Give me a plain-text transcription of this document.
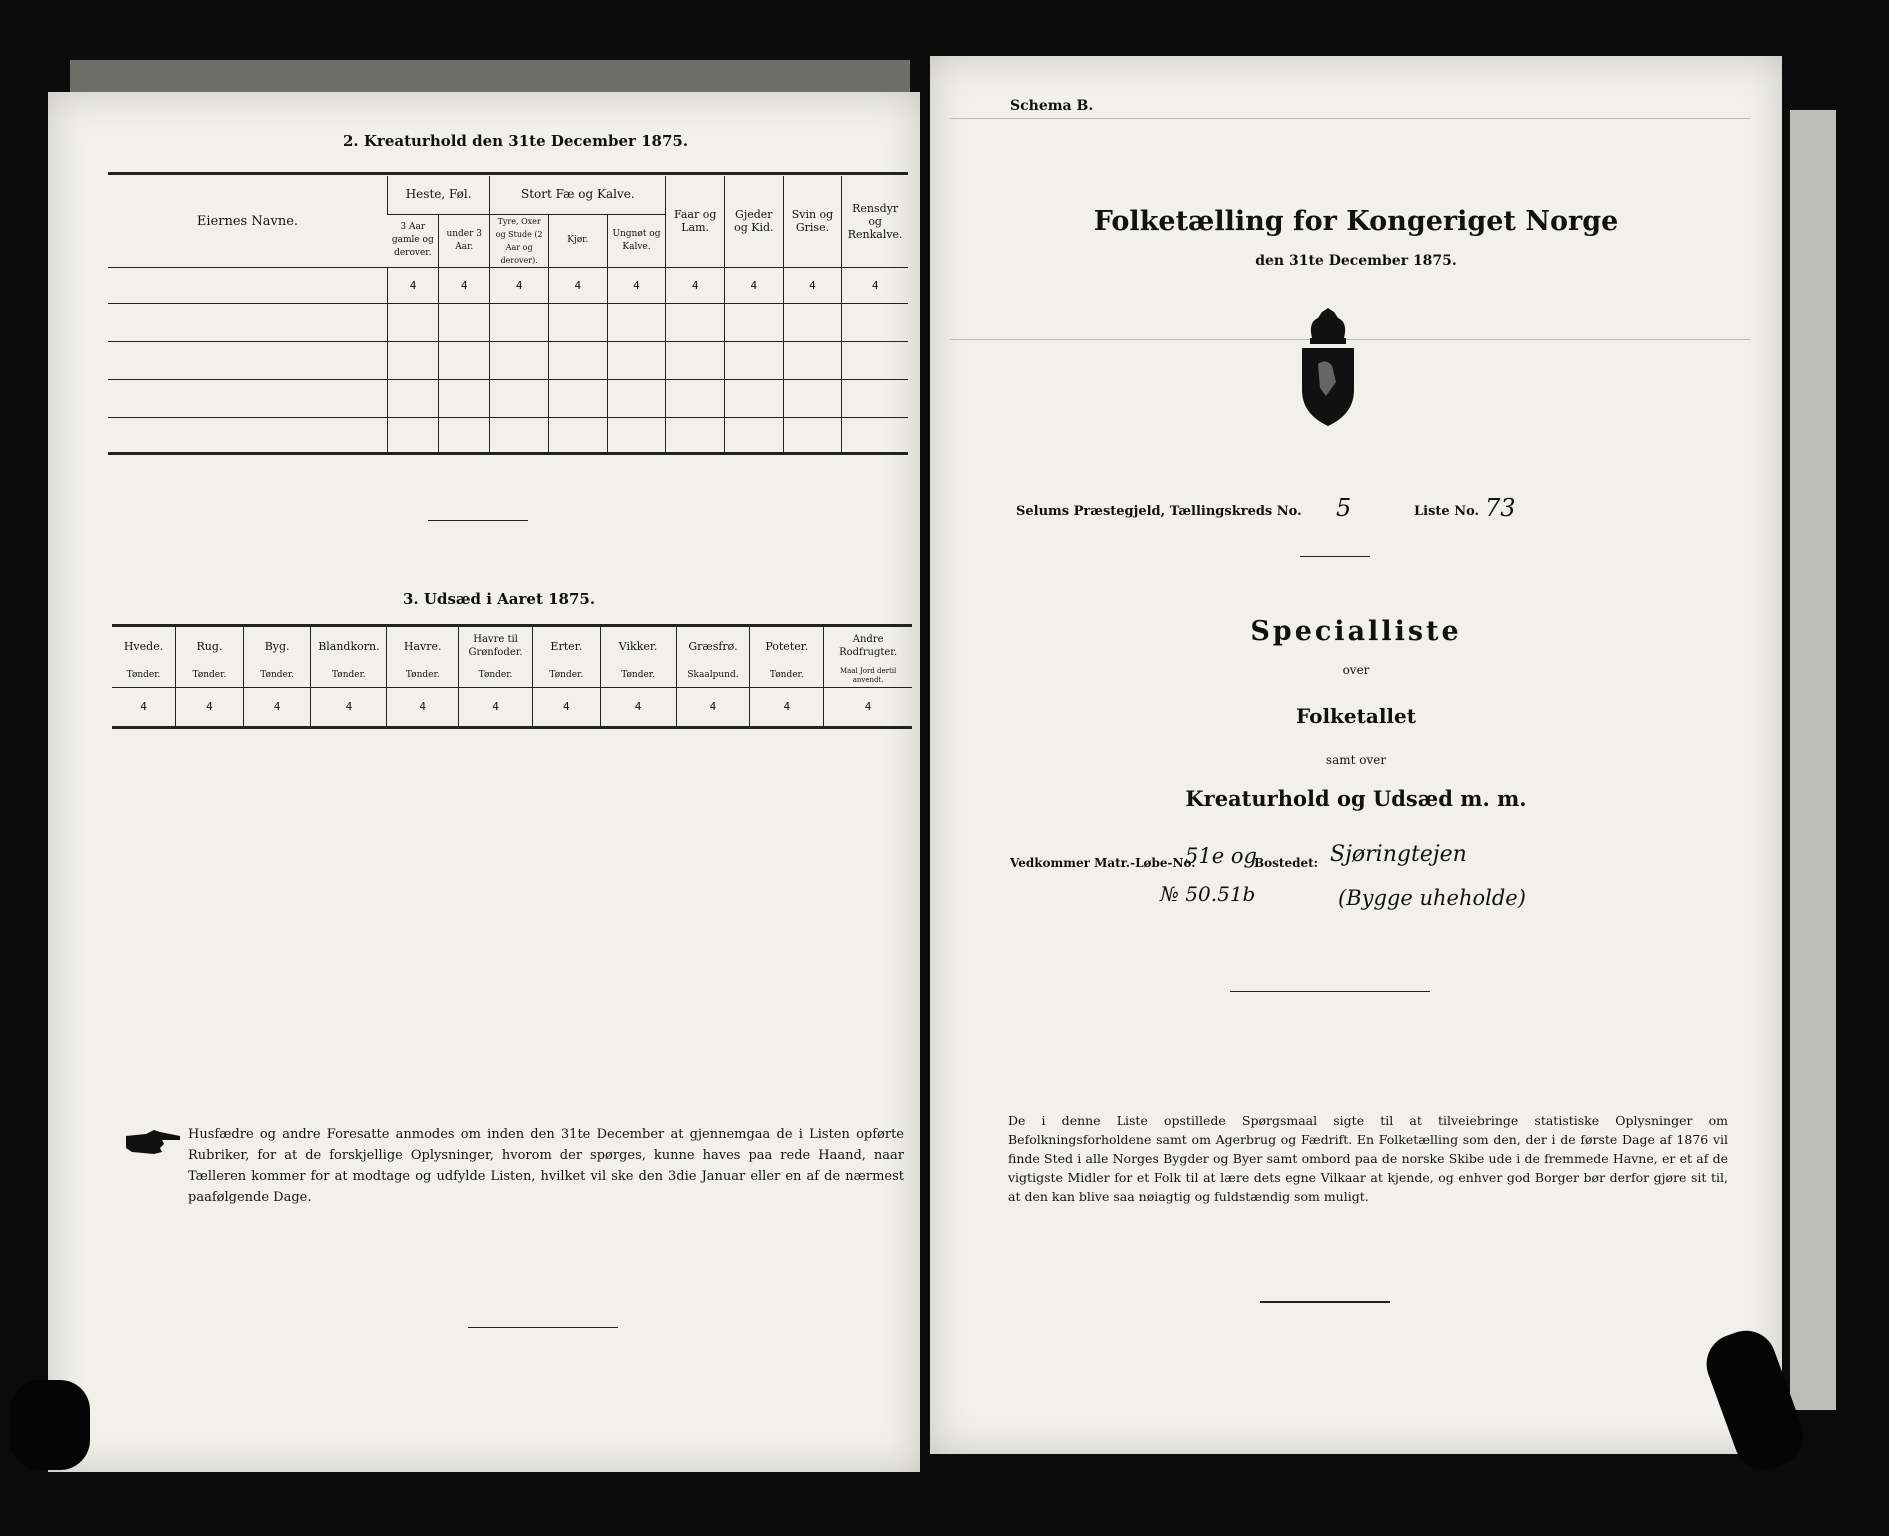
2. Kreaturhold den 31te December 1875.
Eiernes Navne.	Heste, Føl.		Stort Fæ og Kalve.			Faar og Lam.	Gjeder og Kid.	Svin og Grise.	Rensdyr og Renkalve.
	3 Aar gamle og derover.	under 3 Aar.	Tyre, Oxer og Stude (2 Aar og derover).	Kjør.	Ungnøt og Kalve.				
	4	4	4	4	4	4	4	4	4

3. Udsæd i Aaret 1875.
Hvede.	Rug.	Byg.	Blandkorn.	Havre.	Havre til Grønfoder.	Erter.	Vikker.	Græsfrø.	Poteter.	Andre Rodfrugter.
Tønder.	Tønder.	Tønder.	Tønder.	Tønder.	Tønder.	Tønder.	Tønder.	Skaalpund.	Tønder.	Maal Jord dertil anvendt.
4	4	4	4	4	4	4	4	4	4	4
Husfædre og andre Foresatte anmodes om inden den 31te December at gjennemgaa de i Listen opførte Rubriker, for at de forskjellige Oplysninger, hvorom der spørges, kunne haves paa rede Haand, naar Tælleren kommer for at modtage og udfylde Listen, hvilket vil ske den 3die Januar eller en af de nærmest paafølgende Dage.
Schema B.
Folketælling for Kongeriget Norge
den 31te December 1875.
Selums Præstegjeld, Tællingskreds No. 5	Liste No. 73
Specialliste
over
Folketallet
samt over
Kreaturhold og Udsæd m. m.
Vedkommer Matr.-Løbe-No.
51e og
№ 50.51b
Bostedet: Sjøringtejen
(Bygge uheholde)
De i denne Liste opstillede Spørgsmaal sigte til at tilveiebringe statistiske Oplysninger om Befolkningsforholdene samt om Agerbrug og Fædrift. En Folketælling som den, der i de første Dage af 1876 vil finde Sted i alle Norges Bygder og Byer samt ombord paa de norske Skibe ude i de fremmede Havne, er et af de vigtigste Midler for et Folk til at lære dets egne Vilkaar at kjende, og enhver god Borger bør derfor gjøre sit til, at den kan blive saa nøiagtig og fuldstændig som muligt.
